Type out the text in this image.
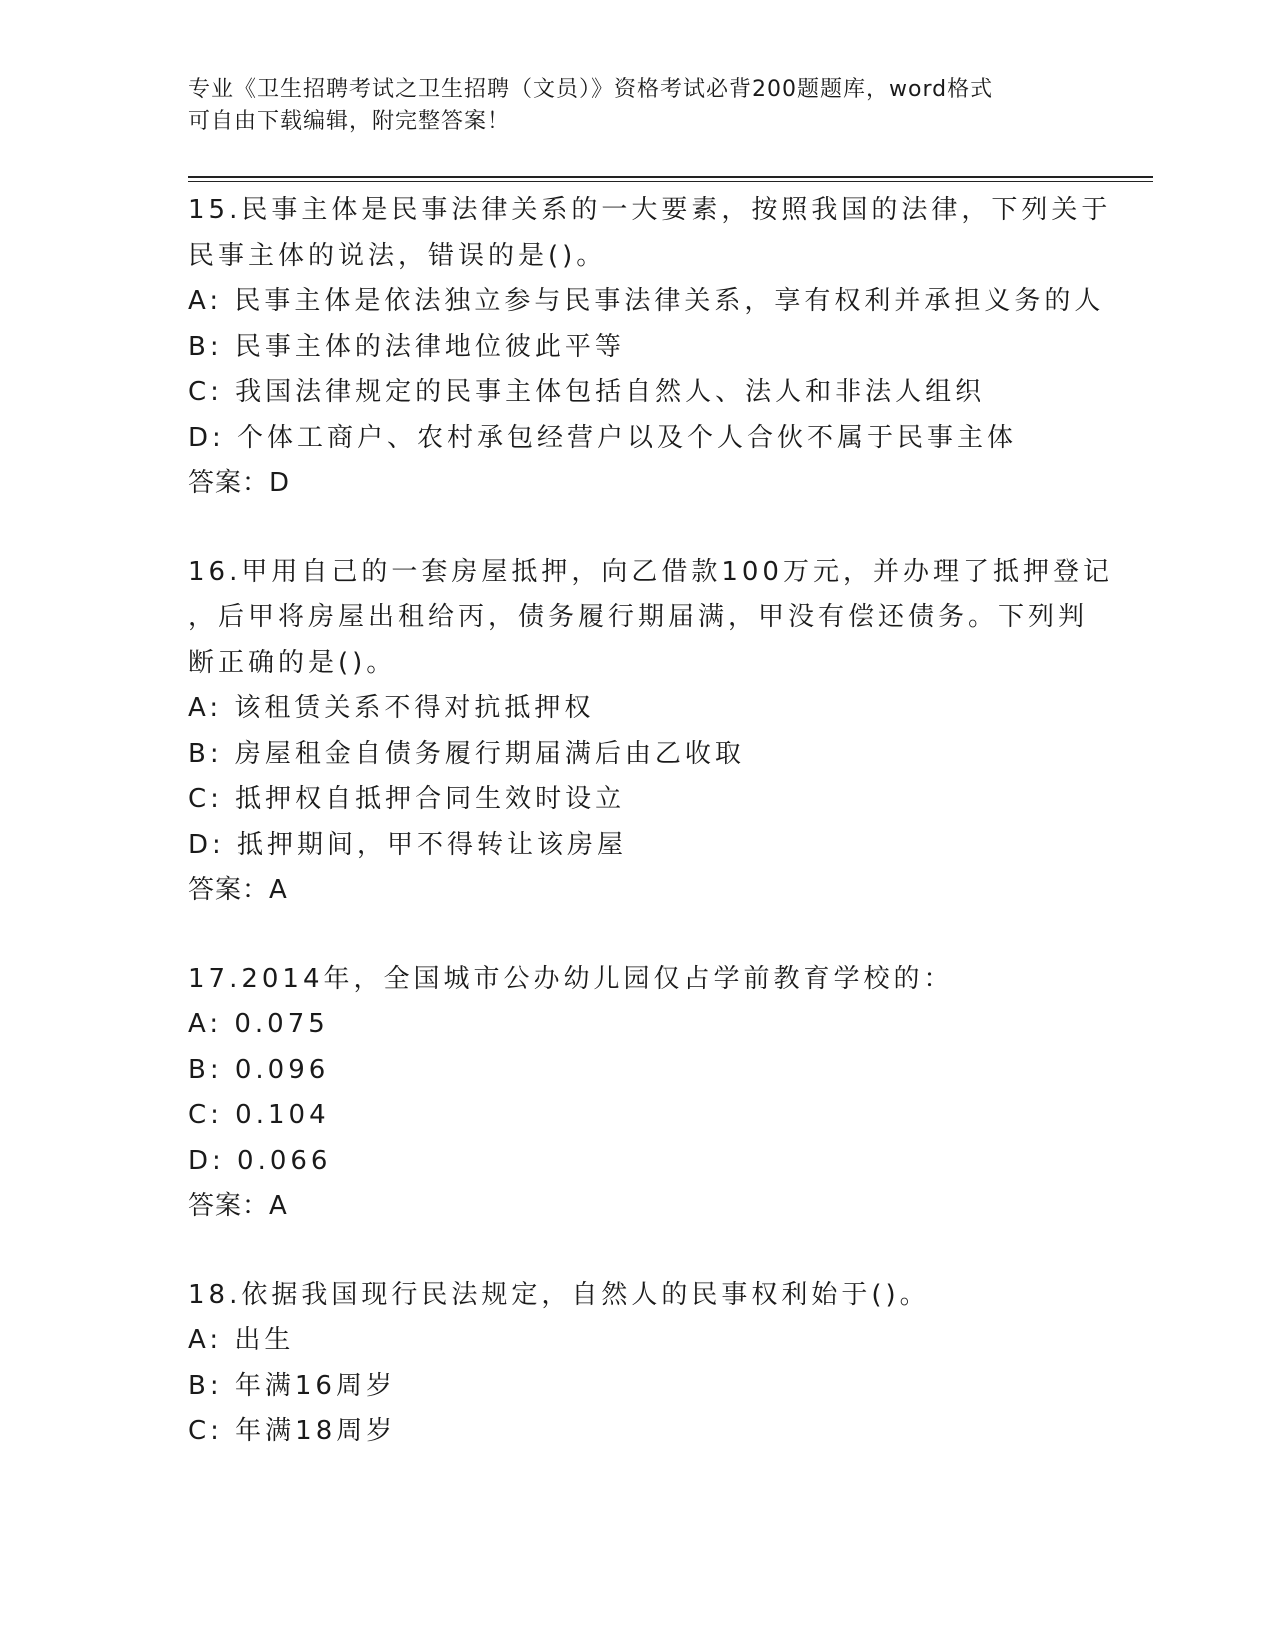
专业《卫生招聘考试之卫生招聘（文员）》资格考试必背200题题库，word格式
可自由下载编辑，附完整答案！
15.民事主体是民事法律关系的一大要素，按照我国的法律，下列关于
民事主体的说法，错误的是()。
A: 民事主体是依法独立参与民事法律关系，享有权利并承担义务的人
B: 民事主体的法律地位彼此平等
C: 我国法律规定的民事主体包括自然人、法人和非法人组织
D: 个体工商户、农村承包经营户以及个人合伙不属于民事主体
答案：D
16.甲用自己的一套房屋抵押，向乙借款100万元，并办理了抵押登记
，后甲将房屋出租给丙，债务履行期届满，甲没有偿还债务。下列判
断正确的是()。
A: 该租赁关系不得对抗抵押权
B: 房屋租金自债务履行期届满后由乙收取
C: 抵押权自抵押合同生效时设立
D: 抵押期间，甲不得转让该房屋
答案：A
17.2014年，全国城市公办幼儿园仅占学前教育学校的：
A: 0.075
B: 0.096
C: 0.104
D: 0.066
答案：A
18.依据我国现行民法规定，自然人的民事权利始于()。
A: 出生
B: 年满16周岁
C: 年满18周岁
